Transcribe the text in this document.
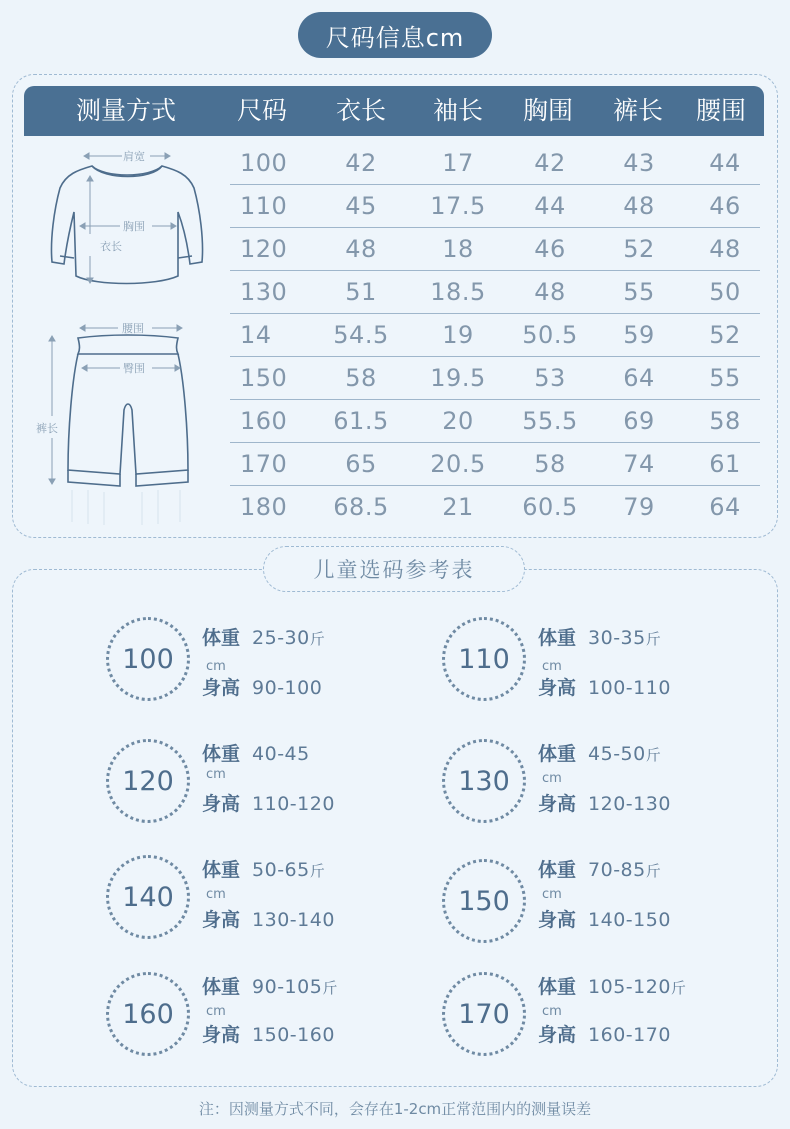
尺码信息cm
测量方式 尺码 衣长 袖长 胸围 裤长 腰围
肩宽
胸围
衣长
腰围
臀围
裤长
100 42	17	42 43 44
110 45 17.5 44 48 46
120 48	18	46 52 48
130 51 18.5 48 55 50
14	54.5 19 50.5 59 52
150 58 19.5 53 64 55
160 61.5 20 55.5 69 58
170 65 20.5 58 74 61
180 68.5 21 60.5 79 64
儿童选码参考表
100
体重 25-30斤
cm
身高 90-100
110
体重 30-35斤
cm
身高 100-110
120
体重 40-45
cm
身高 110-120
130
体重 45-50斤
cm
身高 120-130
140
体重 50-65斤
cm
身高 130-140
150
体重 70-85斤
cm
身高 140-150
160
体重 90-105斤
cm
身高 150-160
170
体重 105-120斤
cm
身高 160-170
注：因测量方式不同，会存在1-2cm正常范围内的测量误差
